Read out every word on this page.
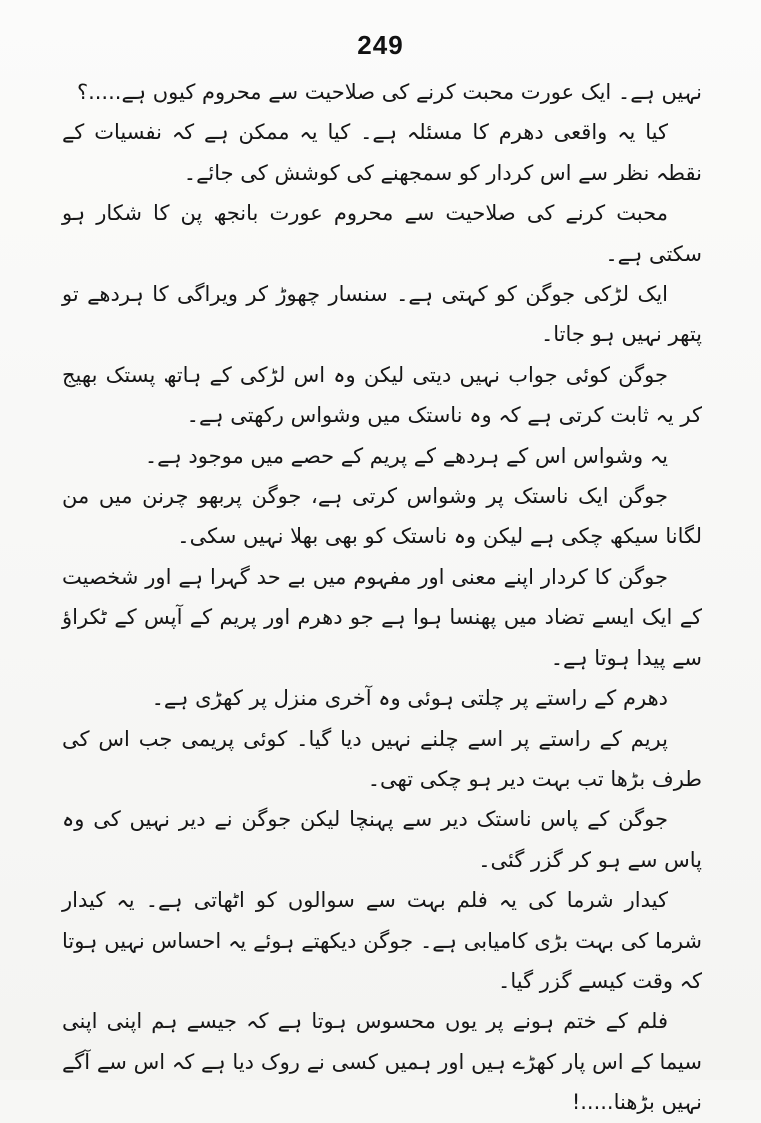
249

نہیں ہے۔ ایک عورت محبت کرنے کی صلاحیت سے محروم کیوں ہے.....؟

کیا یہ واقعی دھرم کا مسئلہ ہے۔ کیا یہ ممکن ہے کہ نفسیات کے نقطہ نظر سے اس کردار کو سمجھنے کی کوشش کی جائے۔

محبت کرنے کی صلاحیت سے محروم عورت بانجھ پن کا شکار ہو سکتی ہے۔

ایک لڑکی جوگن کو کہتی ہے۔ سنسار چھوڑ کر ویراگی کا ہردھے تو پتھر نہیں ہو جاتا۔

جوگن کوئی جواب نہیں دیتی لیکن وہ اس لڑکی کے ہاتھ پستک بھیج کر یہ ثابت کرتی ہے کہ وہ ناستک میں وشواس رکھتی ہے۔

یہ وشواس اس کے ہردھے کے پریم کے حصے میں موجود ہے۔

جوگن ایک ناستک پر وشواس کرتی ہے، جوگن پربھو چرنن میں من لگانا سیکھ چکی ہے لیکن وہ ناستک کو بھی بھلا نہیں سکی۔

جوگن کا کردار اپنے معنی اور مفہوم میں بے حد گہرا ہے اور شخصیت کے ایک ایسے تضاد میں پھنسا ہوا ہے جو دھرم اور پریم کے آپس کے ٹکراؤ سے پیدا ہوتا ہے۔

دھرم کے راستے پر چلتی ہوئی وہ آخری منزل پر کھڑی ہے۔

پریم کے راستے پر اسے چلنے نہیں دیا گیا۔ کوئی پریمی جب اس کی طرف بڑھا تب بہت دیر ہو چکی تھی۔

جوگن کے پاس ناستک دیر سے پہنچا لیکن جوگن نے دیر نہیں کی وہ پاس سے ہو کر گزر گئی۔

کیدار شرما کی یہ فلم بہت سے سوالوں کو اٹھاتی ہے۔ یہ کیدار شرما کی بہت بڑی کامیابی ہے۔ جوگن دیکھتے ہوئے یہ احساس نہیں ہوتا کہ وقت کیسے گزر گیا۔

فلم کے ختم ہونے پر یوں محسوس ہوتا ہے کہ جیسے ہم اپنی اپنی سیما کے اس پار کھڑے ہیں اور ہمیں کسی نے روک دیا ہے کہ اس سے آگے نہیں بڑھنا.....!
